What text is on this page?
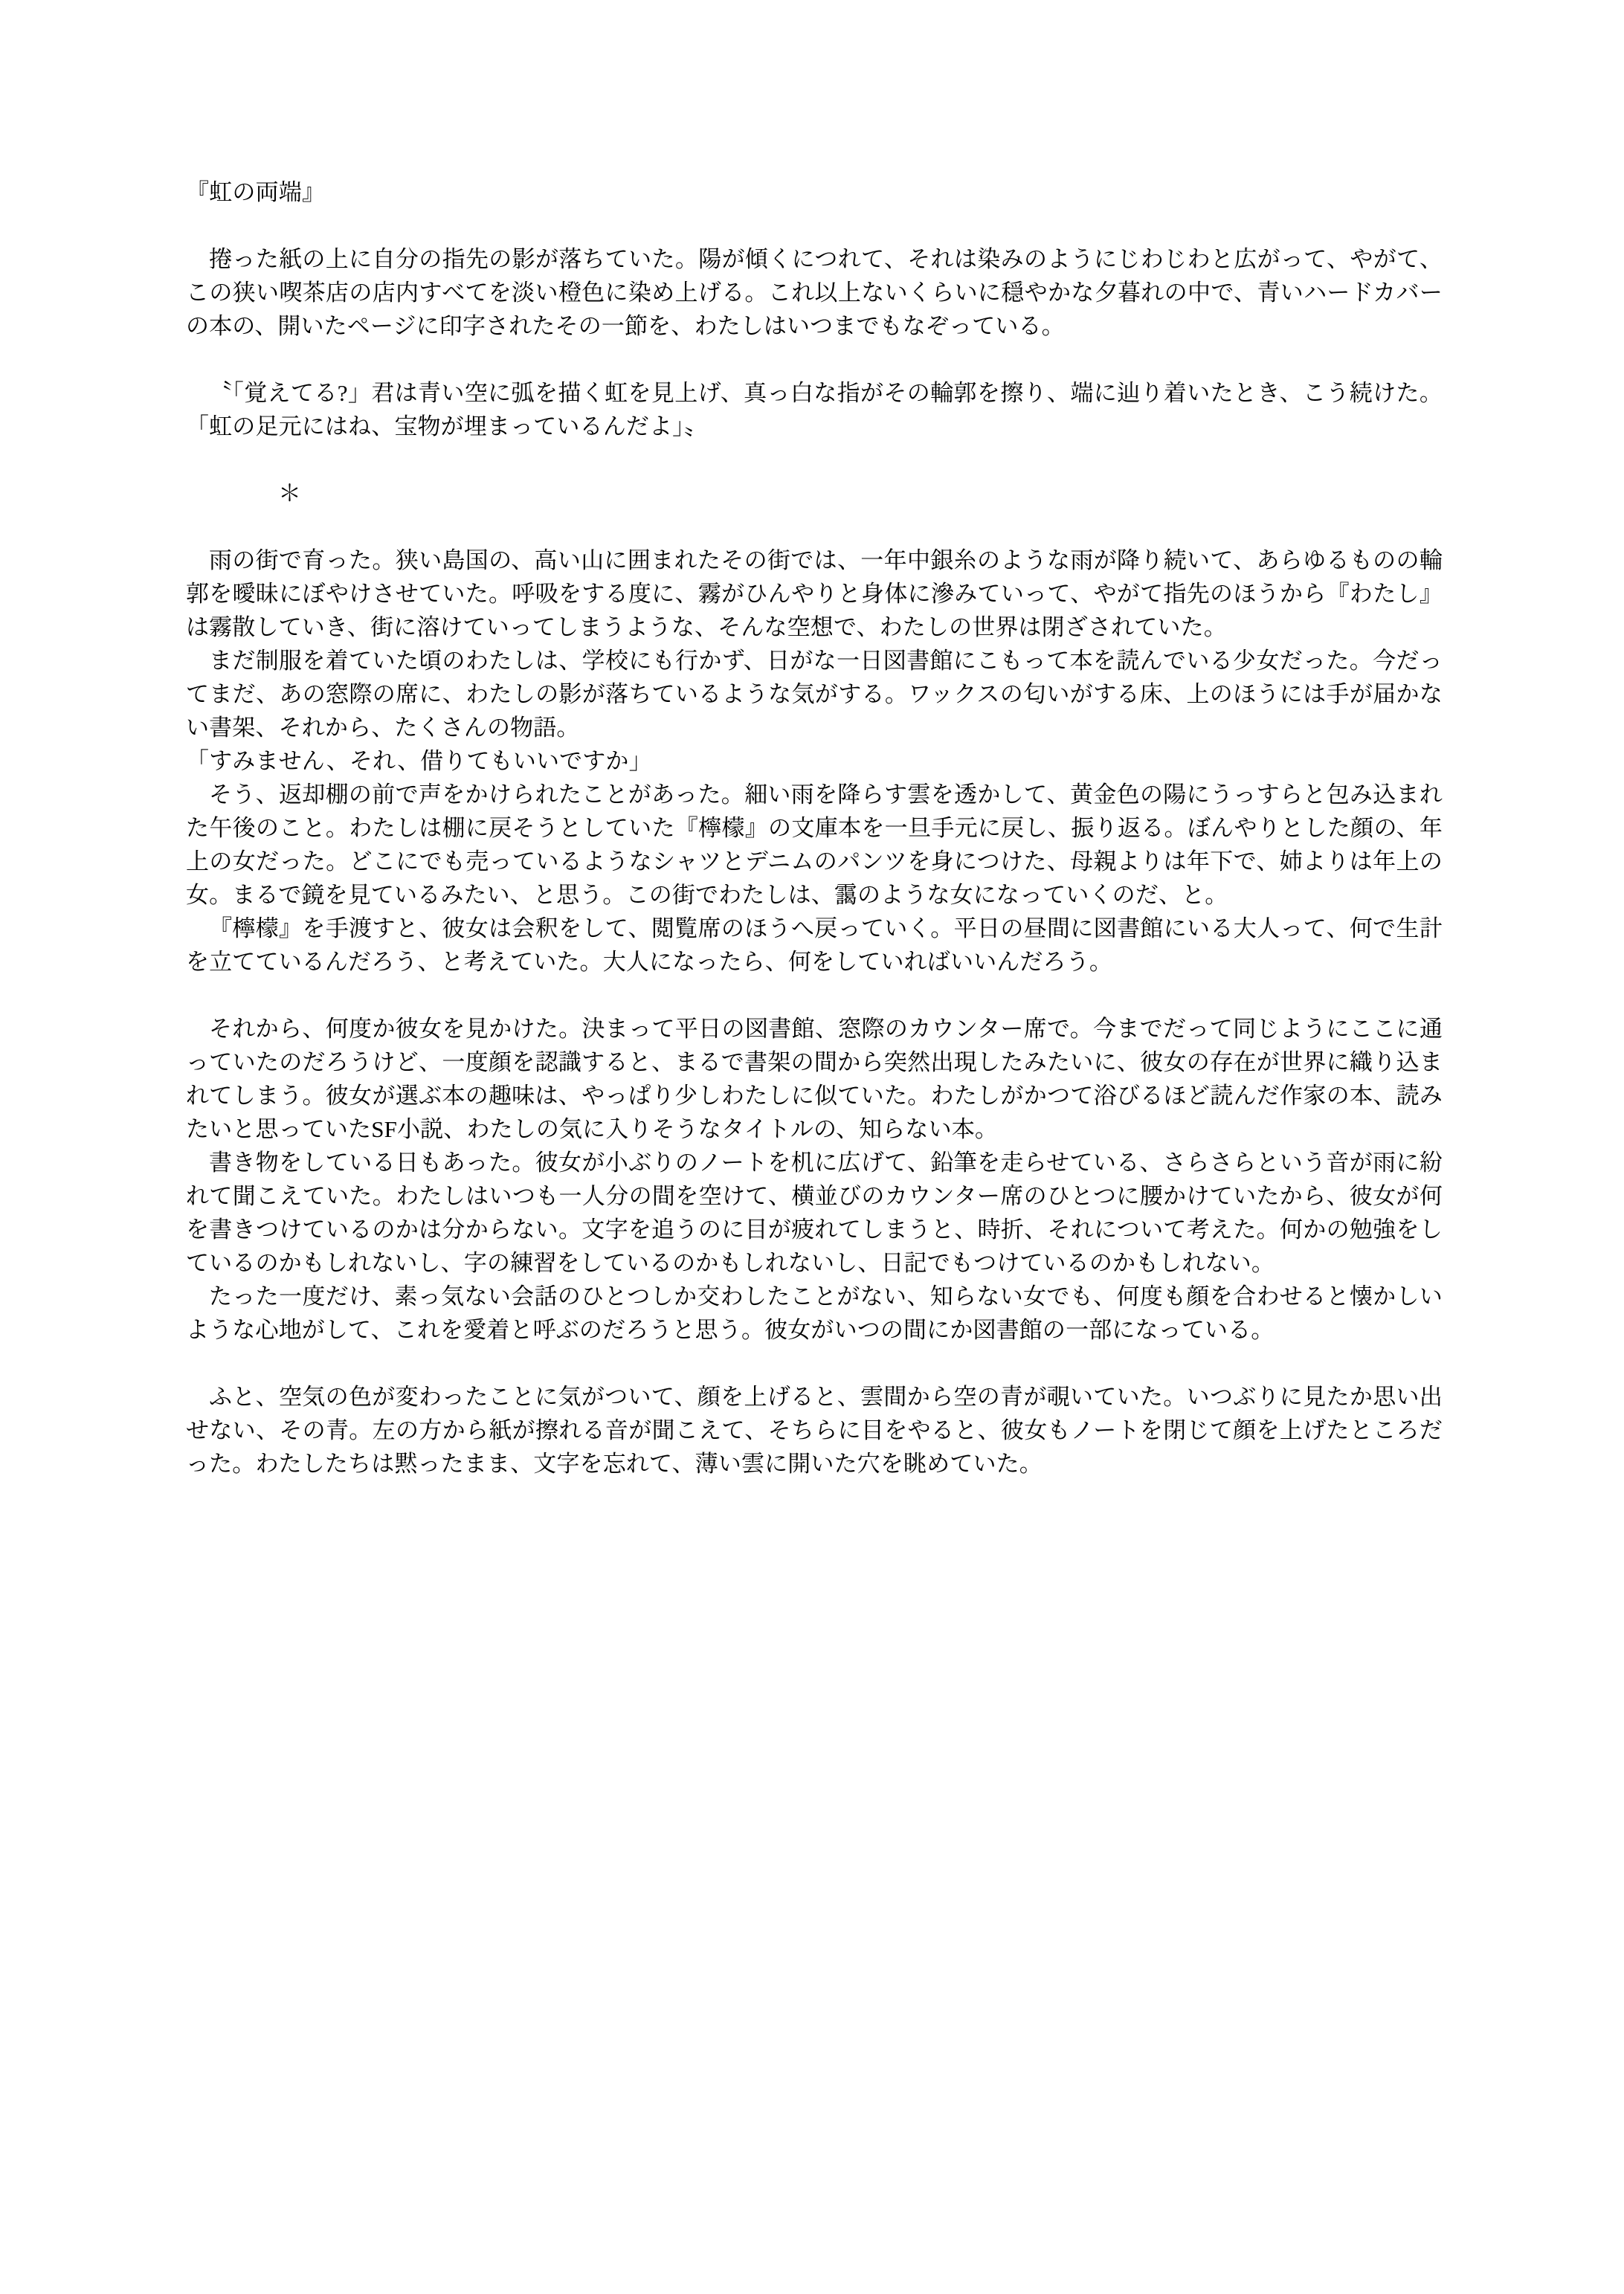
『虹の両端』

捲った紙の上に自分の指先の影が落ちていた。陽が傾くにつれて、それは染みのようにじわじわと広がって、やがて、この狭い喫茶店の店内すべてを淡い橙色に染め上げる。これ以上ないくらいに穏やかな夕暮れの中で、青いハードカバーの本の、開いたページに印字されたその一節を、わたしはいつまでもなぞっている。

〝「覚えてる?」君は青い空に弧を描く虹を見上げ、真っ白な指がその輪郭を擦り、端に辿り着いたとき、こう続けた。「虹の足元にはね、宝物が埋まっているんだよ」〟

＊

雨の街で育った。狭い島国の、高い山に囲まれたその街では、一年中銀糸のような雨が降り続いて、あらゆるものの輪郭を曖昧にぼやけさせていた。呼吸をする度に、霧がひんやりと身体に滲みていって、やがて指先のほうから『わたし』は霧散していき、街に溶けていってしまうような、そんな空想で、わたしの世界は閉ざされていた。

まだ制服を着ていた頃のわたしは、学校にも行かず、日がな一日図書館にこもって本を読んでいる少女だった。今だってまだ、あの窓際の席に、わたしの影が落ちているような気がする。ワックスの匂いがする床、上のほうには手が届かない書架、それから、たくさんの物語。

「すみません、それ、借りてもいいですか」

そう、返却棚の前で声をかけられたことがあった。細い雨を降らす雲を透かして、黄金色の陽にうっすらと包み込まれた午後のこと。わたしは棚に戻そうとしていた『檸檬』の文庫本を一旦手元に戻し、振り返る。ぼんやりとした顔の、年上の女だった。どこにでも売っているようなシャツとデニムのパンツを身につけた、母親よりは年下で、姉よりは年上の女。まるで鏡を見ているみたい、と思う。この街でわたしは、靄のような女になっていくのだ、と。

『檸檬』を手渡すと、彼女は会釈をして、閲覧席のほうへ戻っていく。平日の昼間に図書館にいる大人って、何で生計を立てているんだろう、と考えていた。大人になったら、何をしていればいいんだろう。

それから、何度か彼女を見かけた。決まって平日の図書館、窓際のカウンター席で。今までだって同じようにここに通っていたのだろうけど、一度顔を認識すると、まるで書架の間から突然出現したみたいに、彼女の存在が世界に織り込まれてしまう。彼女が選ぶ本の趣味は、やっぱり少しわたしに似ていた。わたしがかつて浴びるほど読んだ作家の本、読みたいと思っていたSF小説、わたしの気に入りそうなタイトルの、知らない本。

書き物をしている日もあった。彼女が小ぶりのノートを机に広げて、鉛筆を走らせている、さらさらという音が雨に紛れて聞こえていた。わたしはいつも一人分の間を空けて、横並びのカウンター席のひとつに腰かけていたから、彼女が何を書きつけているのかは分からない。文字を追うのに目が疲れてしまうと、時折、それについて考えた。何かの勉強をしているのかもしれないし、字の練習をしているのかもしれないし、日記でもつけているのかもしれない。

たった一度だけ、素っ気ない会話のひとつしか交わしたことがない、知らない女でも、何度も顔を合わせると懐かしいような心地がして、これを愛着と呼ぶのだろうと思う。彼女がいつの間にか図書館の一部になっている。

ふと、空気の色が変わったことに気がついて、顔を上げると、雲間から空の青が覗いていた。いつぶりに見たか思い出せない、その青。左の方から紙が擦れる音が聞こえて、そちらに目をやると、彼女もノートを閉じて顔を上げたところだった。わたしたちは黙ったまま、文字を忘れて、薄い雲に開いた穴を眺めていた。
